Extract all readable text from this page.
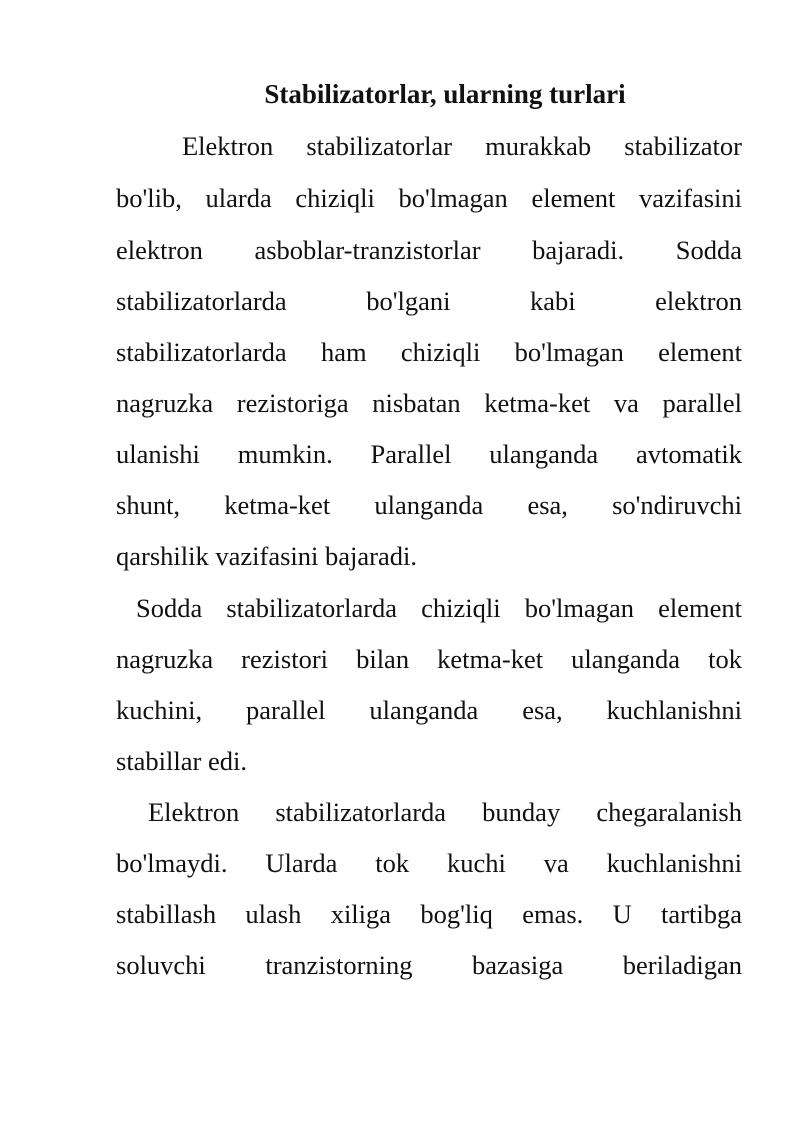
Stabilizatorlar, ularning turlari
Elektron stabilizatorlar murakkab stabilizator
bo'lib, ularda chiziqli bo'lmagan element vazifasini
elektron asboblar-tranzistorlar bajaradi. Sodda
stabilizatorlarda bo'lgani kabi elektron
stabilizatorlarda ham chiziqli bo'lmagan element
nagruzka rezistoriga nisbatan ketma-ket va parallel
ulanishi mumkin. Parallel ulanganda avtomatik
shunt, ketma-ket ulanganda esa, so'ndiruvchi
qarshilik vazifasini bajaradi.
Sodda stabilizatorlarda chiziqli bo'lmagan element
nagruzka rezistori bilan ketma-ket ulanganda tok
kuchini, parallel ulanganda esa, kuchlanishni
stabillar edi.
Elektron stabilizatorlarda bunday chegaralanish
bo'lmaydi. Ularda tok kuchi va kuchlanishni
stabillash ulash xiliga bog'liq emas. U tartibga
soluvchi tranzistorning bazasiga beriladigan
